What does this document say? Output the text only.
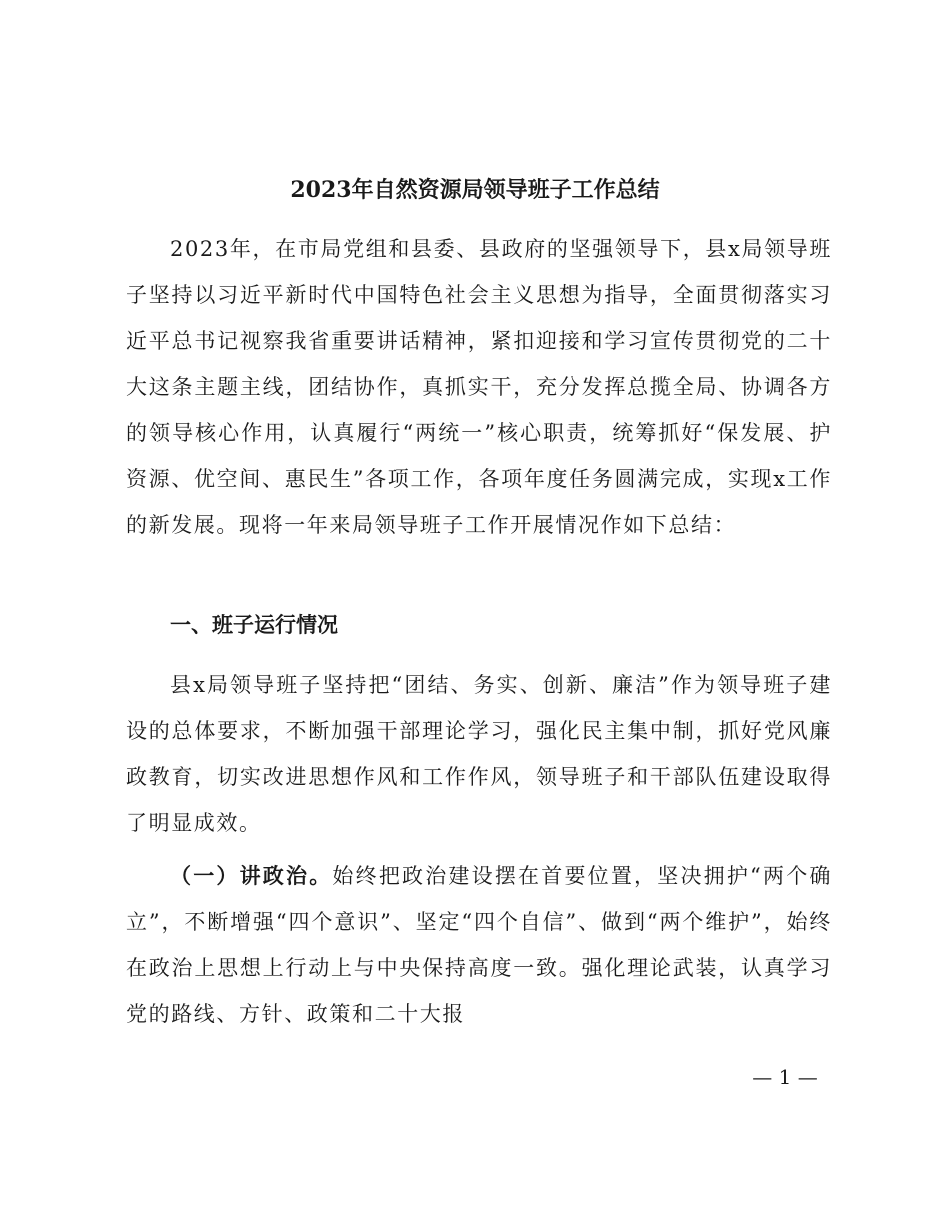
2023年自然资源局领导班子工作总结

2023年，在市局党组和县委、县政府的坚强领导下，县x局领导班子坚持以习近平新时代中国特色社会主义思想为指导，全面贯彻落实习近平总书记视察我省重要讲话精神，紧扣迎接和学习宣传贯彻党的二十大这条主题主线，团结协作，真抓实干，充分发挥总揽全局、协调各方的领导核心作用，认真履行“两统一”核心职责，统筹抓好“保发展、护资源、优空间、惠民生”各项工作，各项年度任务圆满完成，实现x工作的新发展。现将一年来局领导班子工作开展情况作如下总结：

一、班子运行情况

县x局领导班子坚持把“团结、务实、创新、廉洁”作为领导班子建设的总体要求，不断加强干部理论学习，强化民主集中制，抓好党风廉政教育，切实改进思想作风和工作作风，领导班子和干部队伍建设取得了明显成效。

（一）讲政治。始终把政治建设摆在首要位置，坚决拥护“两个确立”，不断增强“四个意识”、坚定“四个自信”、做到“两个维护”，始终在政治上思想上行动上与中央保持高度一致。强化理论武装，认真学习党的路线、方针、政策和二十大报

— 1 —
